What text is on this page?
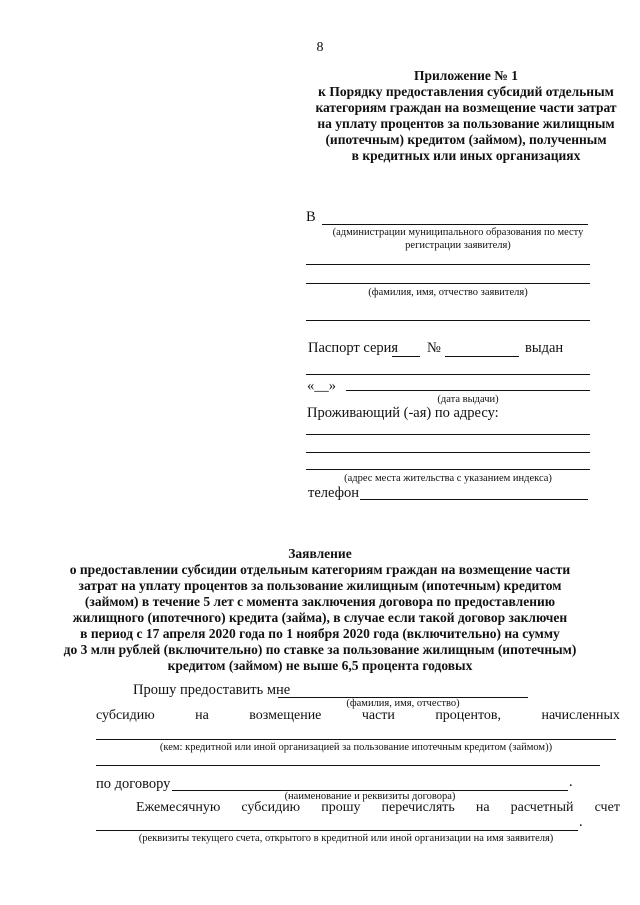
8
Приложение № 1
к Порядку предоставления субсидий отдельным
категориям граждан на возмещение части затрат
на уплату процентов за пользование жилищным
(ипотечным) кредитом (займом), полученным
в кредитных или иных организациях
В
(администрации муниципального образования по месту
регистрации заявителя)
(фамилия, имя, отчество заявителя)
Паспорт серия №	выдан
«__»
(дата выдачи)
Проживающий (-ая) по адресу:
(адрес места жительства с указанием индекса)
телефон
Заявление
о предоставлении субсидии отдельным категориям граждан на возмещение части
затрат на уплату процентов за пользование жилищным (ипотечным) кредитом
(займом) в течение 5 лет с момента заключения договора по предоставлению
жилищного (ипотечного) кредита (займа), в случае если такой договор заключен
в период с 17 апреля 2020 года по 1 ноября 2020 года (включительно) на сумму
до 3 млн рублей (включительно) по ставке за пользование жилищным (ипотечным)
кредитом (займом) не выше 6,5 процента годовых
Прошу предоставить мне
(фамилия, имя, отчество)
субсидию	на	возмещение	части	процентов,	начисленных
(кем: кредитной или иной организацией за пользование ипотечным кредитом (займом))
по договору	.
(наименование и реквизиты договора)
Ежемесячную субсидию прошу перечислять на расчетный счет
.
(реквизиты текущего счета, открытого в кредитной или иной организации на имя заявителя)
